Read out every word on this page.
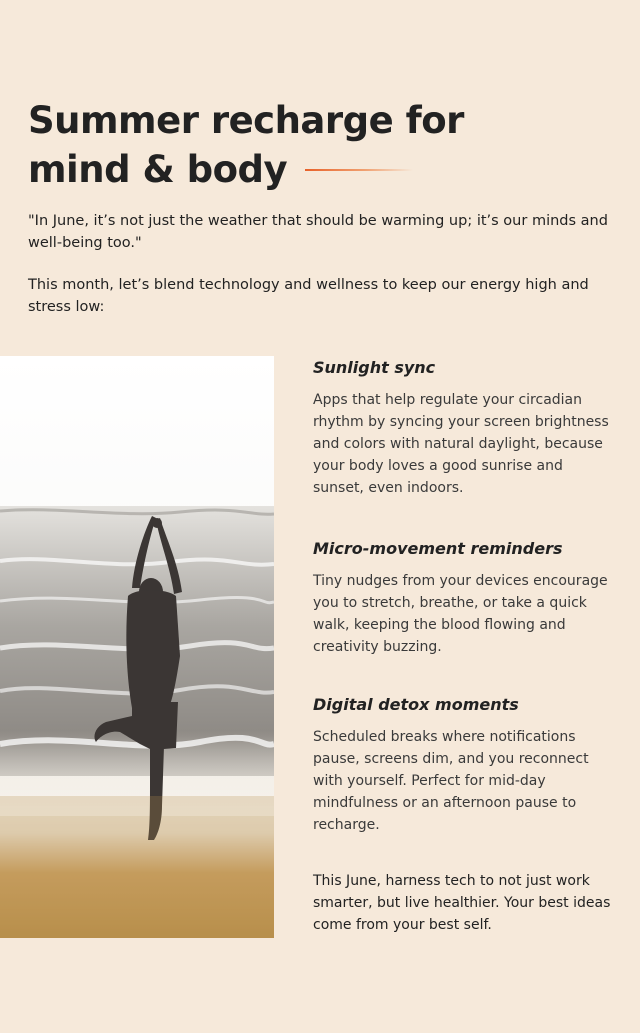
Summer recharge for
mind & body

"In June, it’s not just the weather that should be warming up; it’s our minds and well-being too."

This month, let’s blend technology and wellness to keep our energy high and stress low:

Sunlight sync

Apps that help regulate your circadian rhythm by syncing your screen brightness and colors with natural daylight, because your body loves a good sunrise and sunset, even indoors.

Micro-movement reminders

Tiny nudges from your devices encourage you to stretch, breathe, or take a quick walk, keeping the blood flowing and creativity buzzing.

Digital detox moments

Scheduled breaks where notifications pause, screens dim, and you reconnect with yourself. Perfect for mid-day mindfulness or an afternoon pause to recharge.

This June, harness tech to not just work smarter, but live healthier. Your best ideas come from your best self.
